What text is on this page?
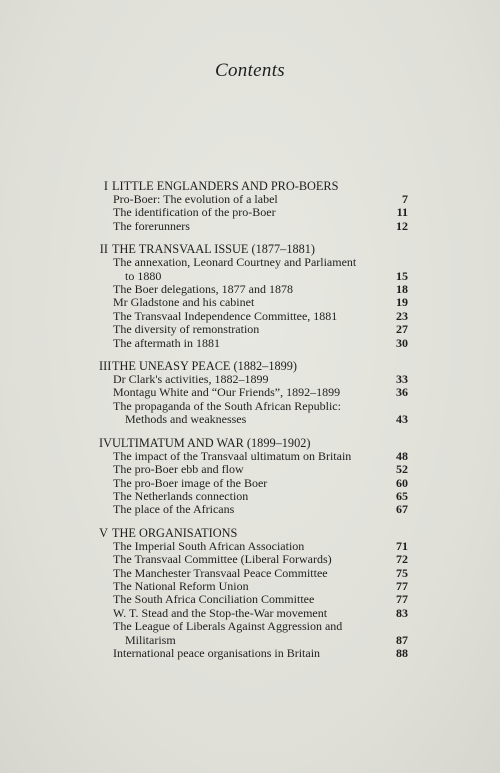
Contents
I LITTLE ENGLANDERS AND PRO-BOERS
Pro-Boer: The evolution of a label	7
The identification of the pro-Boer	11
The forerunners	12
II THE TRANSVAAL ISSUE (1877–1881)
The annexation, Leonard Courtney and Parliament
to 1880	15
The Boer delegations, 1877 and 1878	18
Mr Gladstone and his cabinet	19
The Transvaal Independence Committee, 1881	23
The diversity of remonstration	27
The aftermath in 1881	30
IIITHE UNEASY PEACE (1882–1899)
Dr Clark's activities, 1882–1899	33
Montagu White and “Our Friends”, 1892–1899	36
The propaganda of the South African Republic:
Methods and weaknesses	43
IVULTIMATUM AND WAR (1899–1902)
The impact of the Transvaal ultimatum on Britain	48
The pro-Boer ebb and flow	52
The pro-Boer image of the Boer	60
The Netherlands connection	65
The place of the Africans	67
V THE ORGANISATIONS
The Imperial South African Association	71
The Transvaal Committee (Liberal Forwards)	72
The Manchester Transvaal Peace Committee	75
The National Reform Union	77
The South Africa Conciliation Committee	77
W. T. Stead and the Stop-the-War movement	83
The League of Liberals Against Aggression and
Militarism	87
International peace organisations in Britain	88
